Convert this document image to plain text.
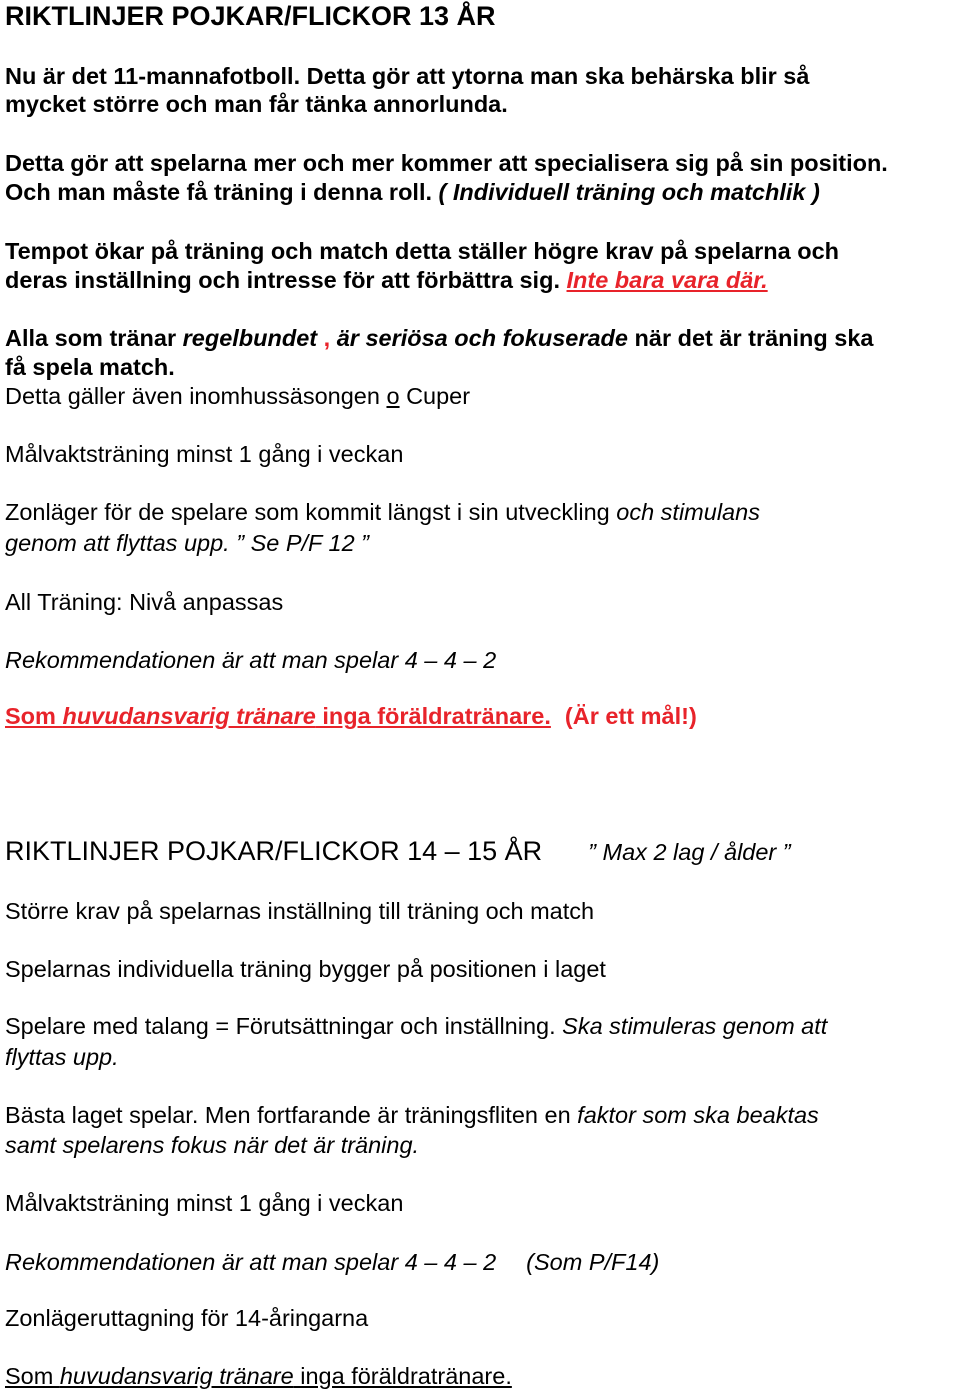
RIKTLINJER POJKAR/FLICKOR 13 ÅR

Nu är det 11-mannafotboll. Detta gör att ytorna man ska behärska blir så

mycket större och man får tänka annorlunda.

Detta gör att spelarna mer och mer kommer att specialisera sig på sin position.

Och man måste få träning i denna roll. ( Individuell träning och matchlik )

Tempot ökar på träning och match detta ställer högre krav på spelarna och

deras inställning och intresse för att förbättra sig. Inte bara vara där.

Alla som tränar regelbundet , är seriösa och fokuserade när det är träning ska

få spela match.

Detta gäller även inomhussäsongen o Cuper

Målvaktsträning minst 1 gång i veckan

Zonläger för de spelare som kommit längst i sin utveckling och stimulans

genom att flyttas upp. ” Se P/F 12 ”

All Träning: Nivå anpassas

Rekommendationen är att man spelar 4 – 4 – 2

Som huvudansvarig tränare inga föräldratränare. (Är ett mål!)

RIKTLINJER POJKAR/FLICKOR 14 – 15 ÅR ” Max 2 lag / ålder ”

Större krav på spelarnas inställning till träning och match

Spelarnas individuella träning bygger på positionen i laget

Spelare med talang = Förutsättningar och inställning. Ska stimuleras genom att

flyttas upp.

Bästa laget spelar. Men fortfarande är träningsfliten en faktor som ska beaktas

samt spelarens fokus när det är träning.

Målvaktsträning minst 1 gång i veckan

Rekommendationen är att man spelar 4 – 4 – 2 (Som P/F14)

Zonlägeruttagning för 14-åringarna

Som huvudansvarig tränare inga föräldratränare.
